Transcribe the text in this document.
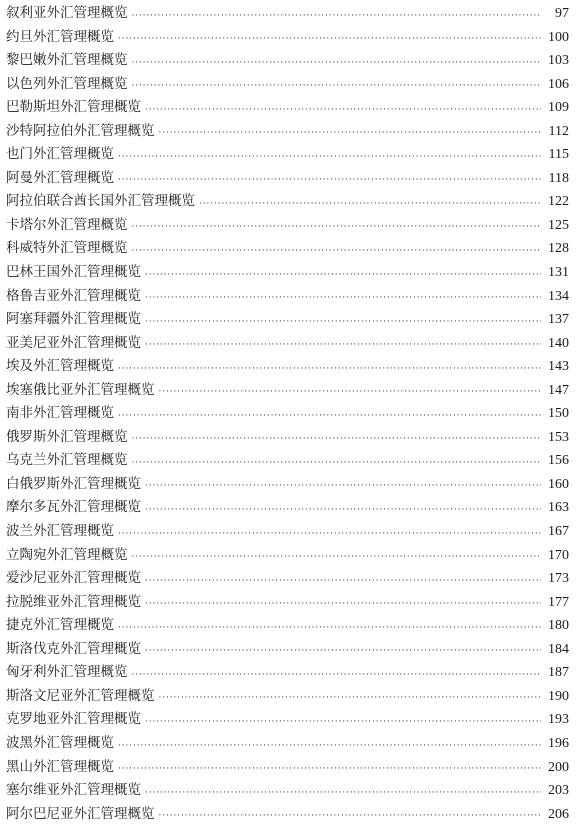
叙利亚外汇管理概览 · · ·	97
约旦外汇管理概览 · · ·	100
黎巴嫩外汇管理概览 · · ·	103
以色列外汇管理概览 · · ·	106
巴勒斯坦外汇管理概览 · · ·	109
沙特阿拉伯外汇管理概览 · · ·	112
也门外汇管理概览 · · ·	115
阿曼外汇管理概览 · · ·	118
阿拉伯联合酋长国外汇管理概览 · · ·	122
卡塔尔外汇管理概览 · · ·	125
科威特外汇管理概览 · · ·	128
巴林王国外汇管理概览 · · ·	131
格鲁吉亚外汇管理概览 · · ·	134
阿塞拜疆外汇管理概览 · · ·	137
亚美尼亚外汇管理概览 · · ·	140
埃及外汇管理概览 · · ·	143
埃塞俄比亚外汇管理概览 · · ·	147
南非外汇管理概览 · · ·	150
俄罗斯外汇管理概览 · · ·	153
乌克兰外汇管理概览 · · ·	156
白俄罗斯外汇管理概览 · · ·	160
摩尔多瓦外汇管理概览 · · ·	163
波兰外汇管理概览 · · ·	167
立陶宛外汇管理概览 · · ·	170
爱沙尼亚外汇管理概览 · · ·	173
拉脱维亚外汇管理概览 · · ·	177
捷克外汇管理概览 · · ·	180
斯洛伐克外汇管理概览 · · ·	184
匈牙利外汇管理概览 · · ·	187
斯洛文尼亚外汇管理概览 · · ·	190
克罗地亚外汇管理概览 · · ·	193
波黑外汇管理概览 · · ·	196
黑山外汇管理概览 · · ·	200
塞尔维亚外汇管理概览 · · ·	203
阿尔巴尼亚外汇管理概览 · · ·	206
